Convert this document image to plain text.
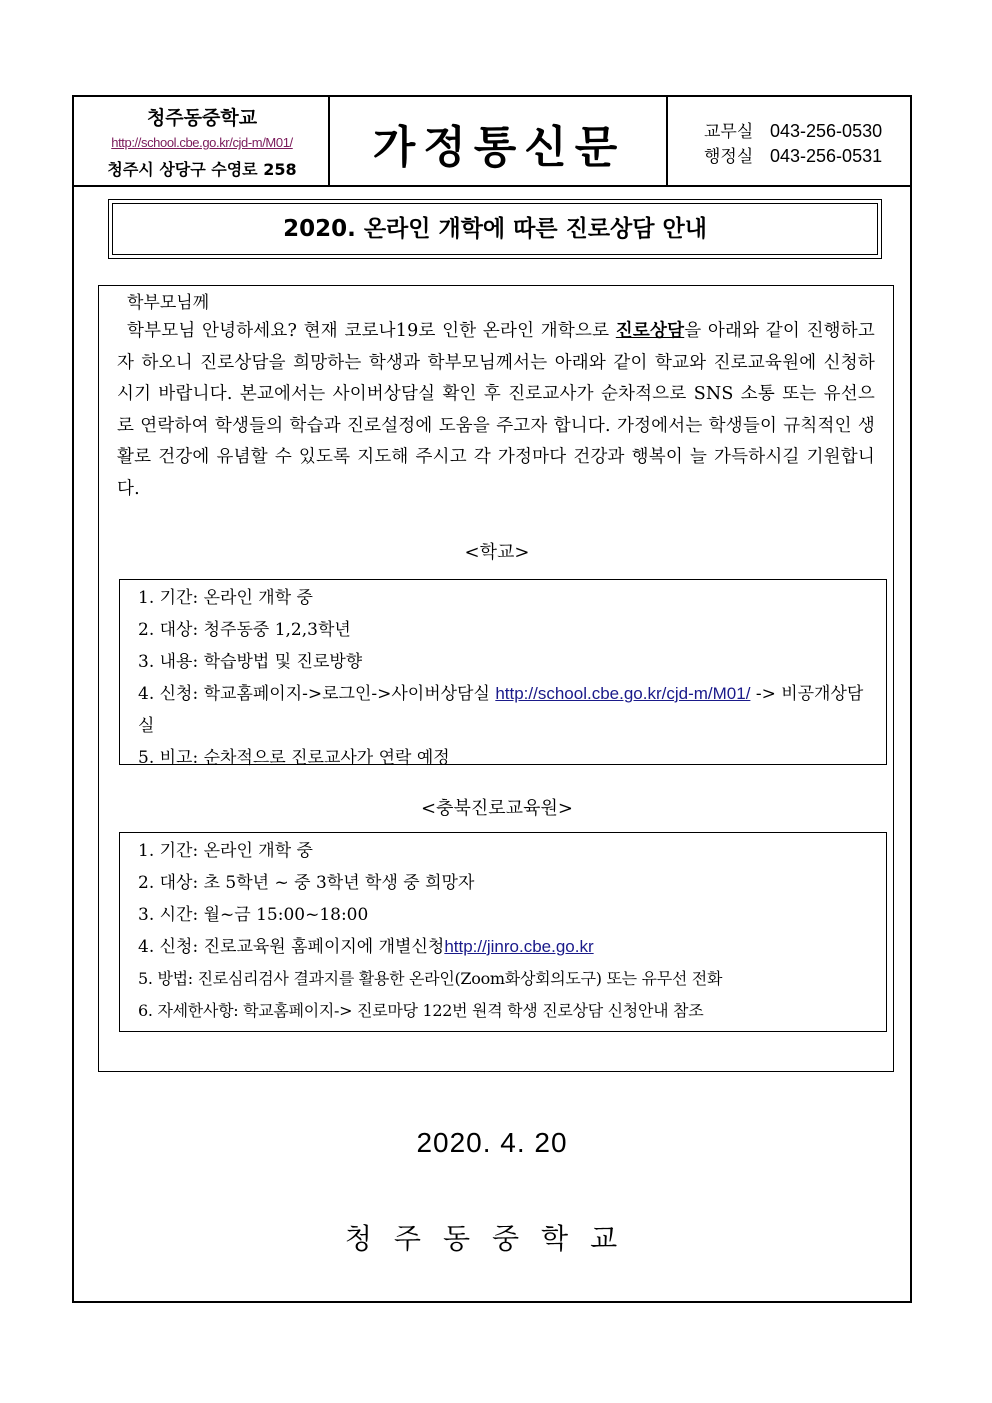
청주동중학교
http://school.cbe.go.kr/cjd-m/M01/
청주시 상당구 수영로 258	가정통신문	교무실 043-256-0530
행정실 043-256-0531
2020. 온라인 개학에 따른 진로상담 안내
학부모님께
학부모님 안녕하세요? 현재 코로나19로 인한 온라인 개학으로 진로상담을 아래와 같이 진행하고자 하오니 진로상담을 희망하는 학생과 학부모님께서는 아래와 같이 학교와 진로교육원에 신청하시기 바랍니다. 본교에서는 사이버상담실 확인 후 진로교사가 순차적으로 SNS 소통 또는 유선으로 연락하여 학생들의 학습과 진로설정에 도움을 주고자 합니다. 가정에서는 학생들이 규칙적인 생활로 건강에 유념할 수 있도록 지도해 주시고 각 가정마다 건강과 행복이 늘 가득하시길 기원합니다.
<학교>
1. 기간: 온라인 개학 중
2. 대상: 청주동중 1,2,3학년
3. 내용: 학습방법 및 진로방향
4. 신청: 학교홈페이지->로그인->사이버상담실 http://school.cbe.go.kr/cjd-m/M01/ -> 비공개상담실
5. 비고: 순차적으로 진로교사가 연락 예정
<충북진로교육원>
1. 기간: 온라인 개학 중
2. 대상: 초 5학년 ~ 중 3학년 학생 중 희망자
3. 시간: 월~금 15:00~18:00
4. 신청: 진로교육원 홈페이지에 개별신청http://jinro.cbe.go.kr
5. 방법: 진로심리검사 결과지를 활용한 온라인(Zoom화상회의도구) 또는 유무선 전화
6. 자세한사항: 학교홈페이지-> 진로마당 122번 원격 학생 진로상담 신청안내 참조
2020. 4. 20
청주동중학교
